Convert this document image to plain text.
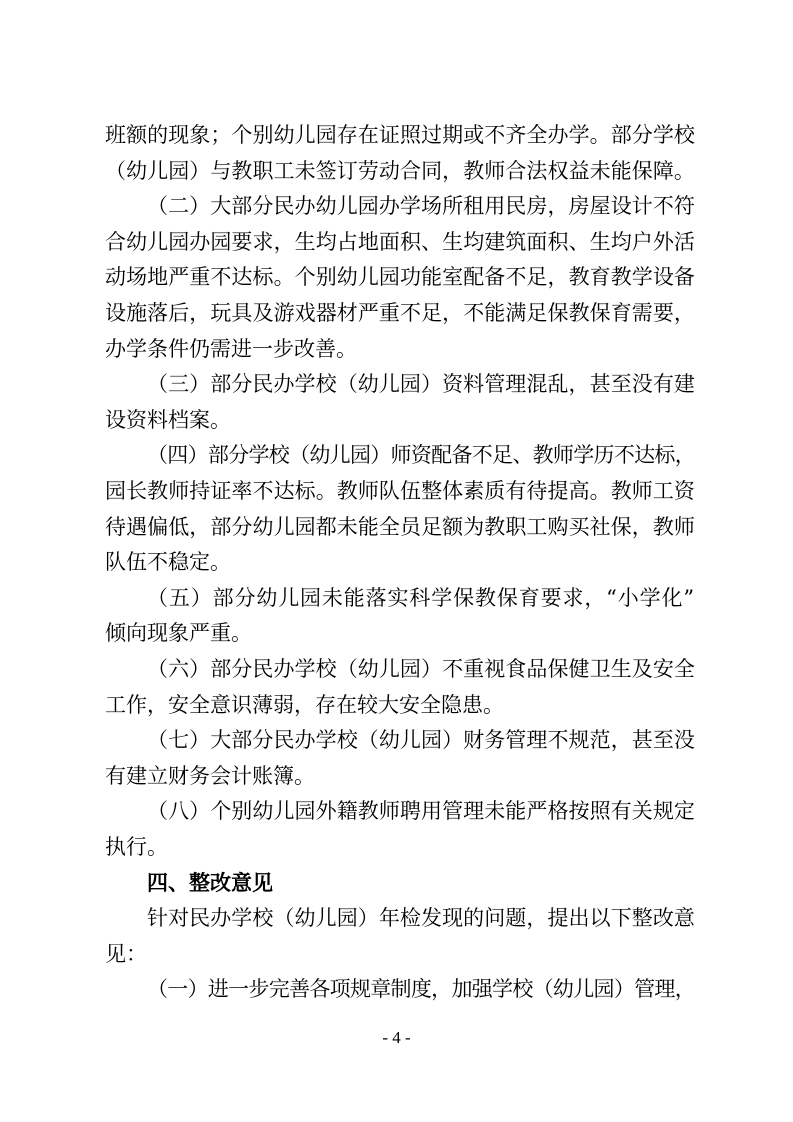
班额的现象；个别幼儿园存在证照过期或不齐全办学。部分学校
（幼儿园）与教职工未签订劳动合同，教师合法权益未能保障。
（二）大部分民办幼儿园办学场所租用民房，房屋设计不符
合幼儿园办园要求，生均占地面积、生均建筑面积、生均户外活
动场地严重不达标。个别幼儿园功能室配备不足，教育教学设备
设施落后，玩具及游戏器材严重不足，不能满足保教保育需要，
办学条件仍需进一步改善。
（三）部分民办学校（幼儿园）资料管理混乱，甚至没有建
设资料档案。
（四）部分学校（幼儿园）师资配备不足、教师学历不达标，
园长教师持证率不达标。教师队伍整体素质有待提高。教师工资
待遇偏低，部分幼儿园都未能全员足额为教职工购买社保，教师
队伍不稳定。
（五）部分幼儿园未能落实科学保教保育要求，“小学化”
倾向现象严重。
（六）部分民办学校（幼儿园）不重视食品保健卫生及安全
工作，安全意识薄弱，存在较大安全隐患。
（七）大部分民办学校（幼儿园）财务管理不规范，甚至没
有建立财务会计账簿。
（八）个别幼儿园外籍教师聘用管理未能严格按照有关规定
执行。
四、整改意见
针对民办学校（幼儿园）年检发现的问题，提出以下整改意
见：
（一）进一步完善各项规章制度，加强学校（幼儿园）管理，
- 4 -
